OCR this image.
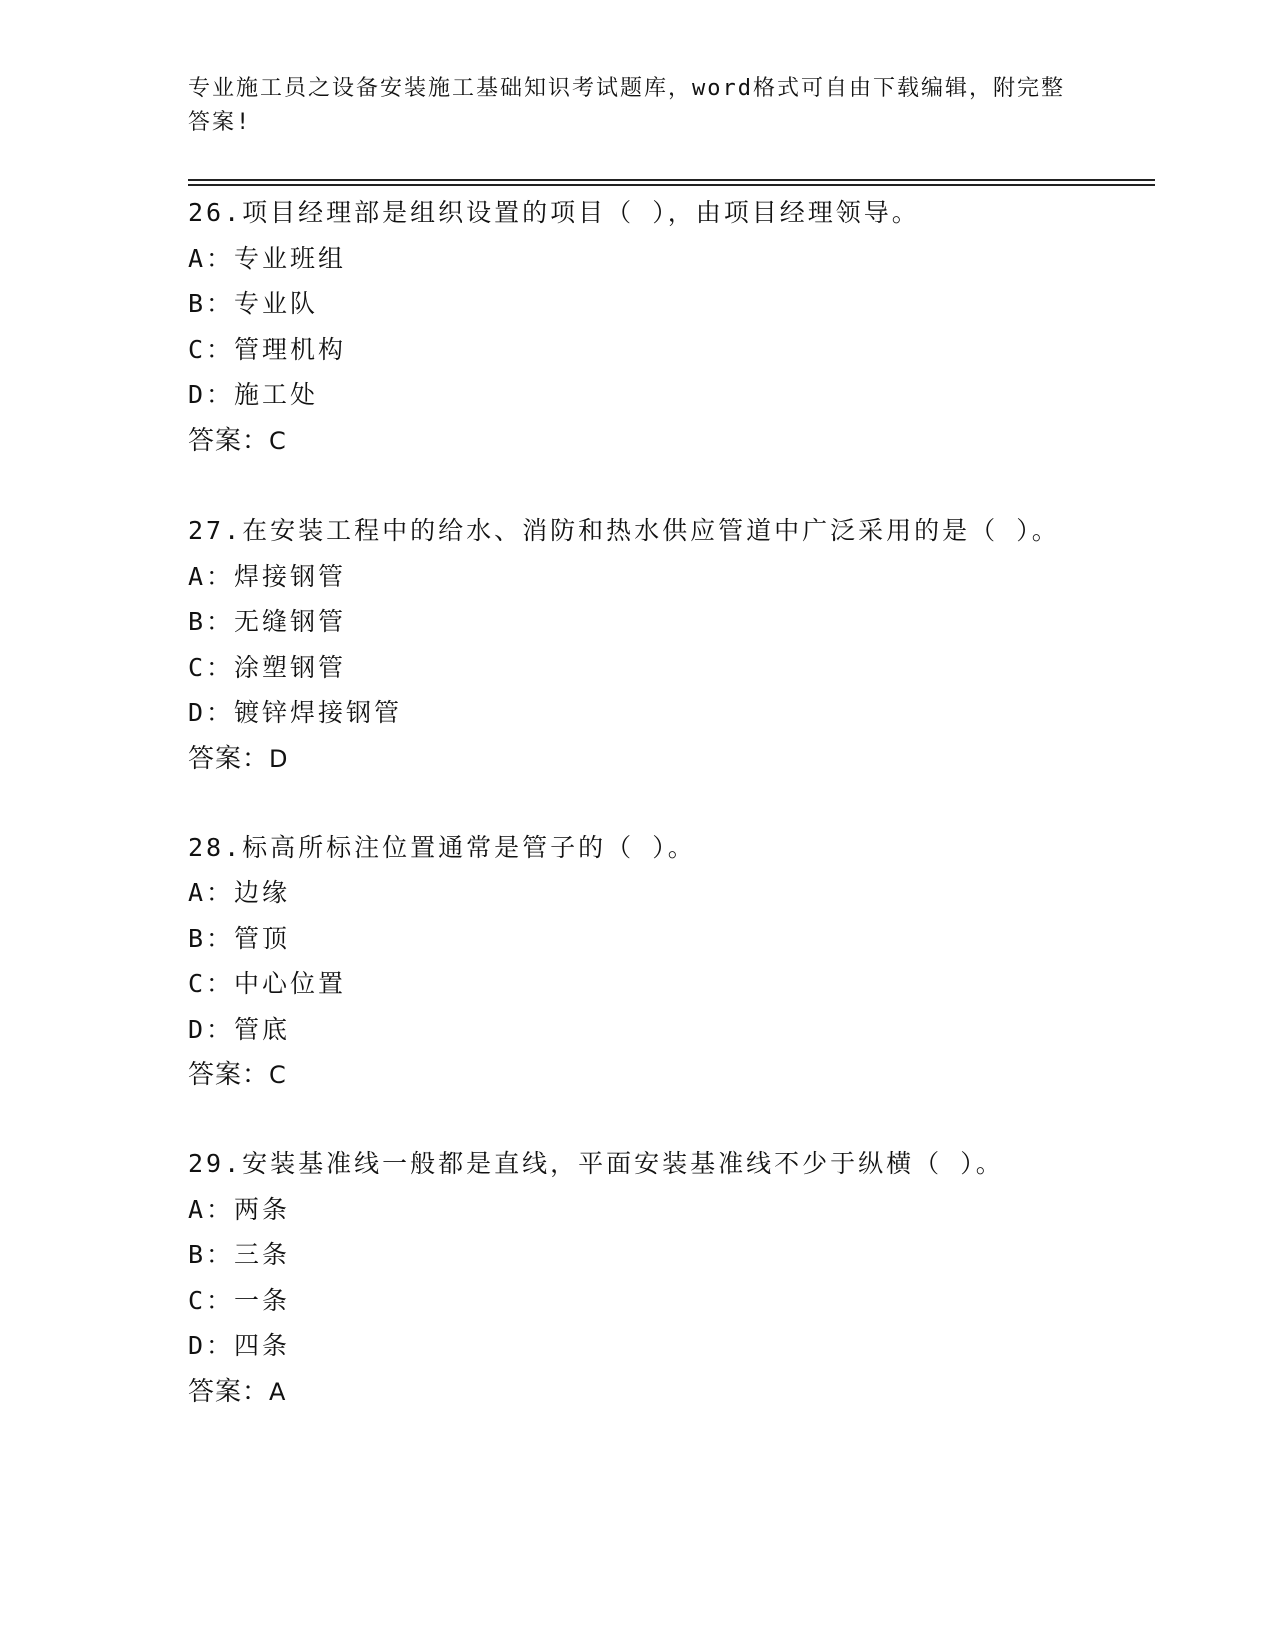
专业施工员之设备安装施工基础知识考试题库，word格式可自由下载编辑，附完整答案!

26.项目经理部是组织设置的项目（ ），由项目经理领导。

A：专业班组

B：专业队

C：管理机构

D：施工处

答案：C

27.在安装工程中的给水、消防和热水供应管道中广泛采用的是（ ）。

A：焊接钢管

B：无缝钢管

C：涂塑钢管

D：镀锌焊接钢管

答案：D

28.标高所标注位置通常是管子的（ ）。

A：边缘

B：管顶

C：中心位置

D：管底

答案：C

29.安装基准线一般都是直线，平面安装基准线不少于纵横（ ）。

A：两条

B：三条

C：一条

D：四条

答案：A
